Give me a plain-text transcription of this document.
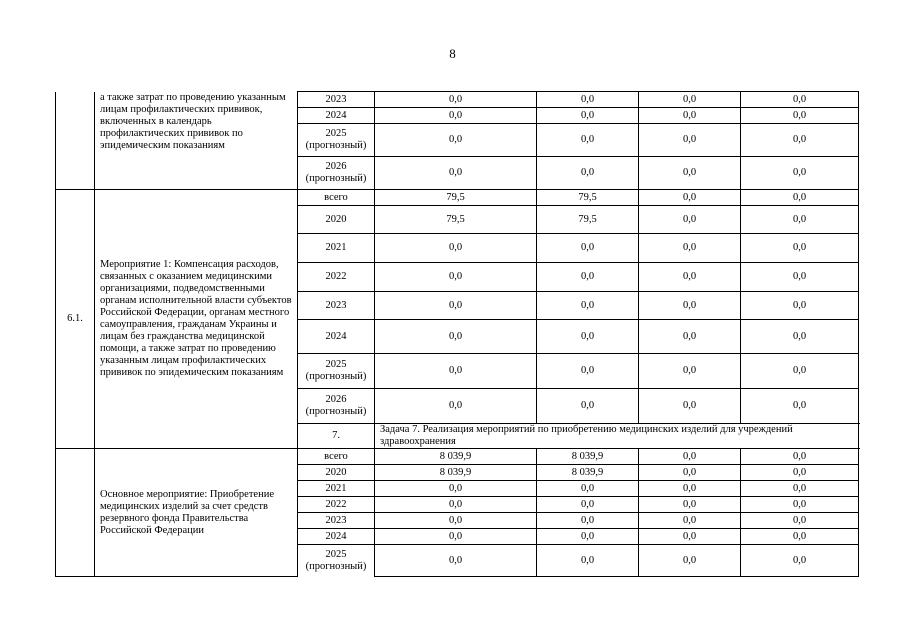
8
	а также затрат по проведению указанным лицам профилактических прививок, включенных в календарь профилактических прививок по эпидемическим показаниям	2023	0,0	0,0	0,0	0,0
		2024	0,0	0,0	0,0	0,0
		2025
(прогнозный)	0,0	0,0	0,0	0,0
		2026
(прогнозный)	0,0	0,0	0,0	0,0
6.1.	Мероприятие 1: Компенсация расходов, связанных с оказанием медицинскими организациями, подведомственными органам исполнительной власти субъектов Российской Федерации, органам местного самоуправления, гражданам Украины и лицам без гражданства медицинской помощи, а также затрат по проведению указанным лицам профилактических прививок по эпидемическим показаниям	всего	79,5	79,5	0,0	0,0
		2020	79,5	79,5	0,0	0,0
		2021	0,0	0,0	0,0	0,0
		2022	0,0	0,0	0,0	0,0
		2023	0,0	0,0	0,0	0,0
		2024	0,0	0,0	0,0	0,0
		2025
(прогнозный)	0,0	0,0	0,0	0,0
		2026
(прогнозный)	0,0	0,0	0,0	0,0
		7.	Задача 7. Реализация мероприятий по приобретению медицинских изделий для учреждений здравоохранения			
	Основное мероприятие: Приобретение медицинских изделий за счет средств резервного фонда Правительства Российской Федерации	всего	8 039,9	8 039,9	0,0	0,0
		2020	8 039,9	8 039,9	0,0	0,0
		2021	0,0	0,0	0,0	0,0
		2022	0,0	0,0	0,0	0,0
		2023	0,0	0,0	0,0	0,0
		2024	0,0	0,0	0,0	0,0
		2025
(прогнозный)	0,0	0,0	0,0	0,0
